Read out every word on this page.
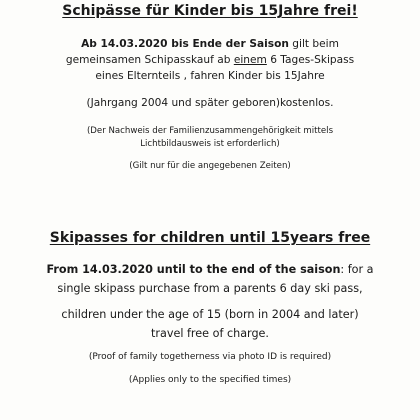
Schipässe für Kinder bis 15Jahre frei!
Ab 14.03.2020 bis Ende der Saison gilt beim
gemeinsamen Schipasskauf ab einem 6 Tages-Skipass
eines Elternteils , fahren Kinder bis 15Jahre
(Jahrgang 2004 und später geboren)kostenlos.
(Der Nachweis der Familienzusammengehörigkeit mittels
Lichtbildausweis ist erforderlich)
(Gilt nur für die angegebenen Zeiten)
Skipasses for children until 15years free
From 14.03.2020 until to the end of the saison: for a
single skipass purchase from a parents 6 day ski pass,
children under the age of 15 (born in 2004 and later)
travel free of charge.
(Proof of family togetherness via photo ID is required)
(Applies only to the specified times)
